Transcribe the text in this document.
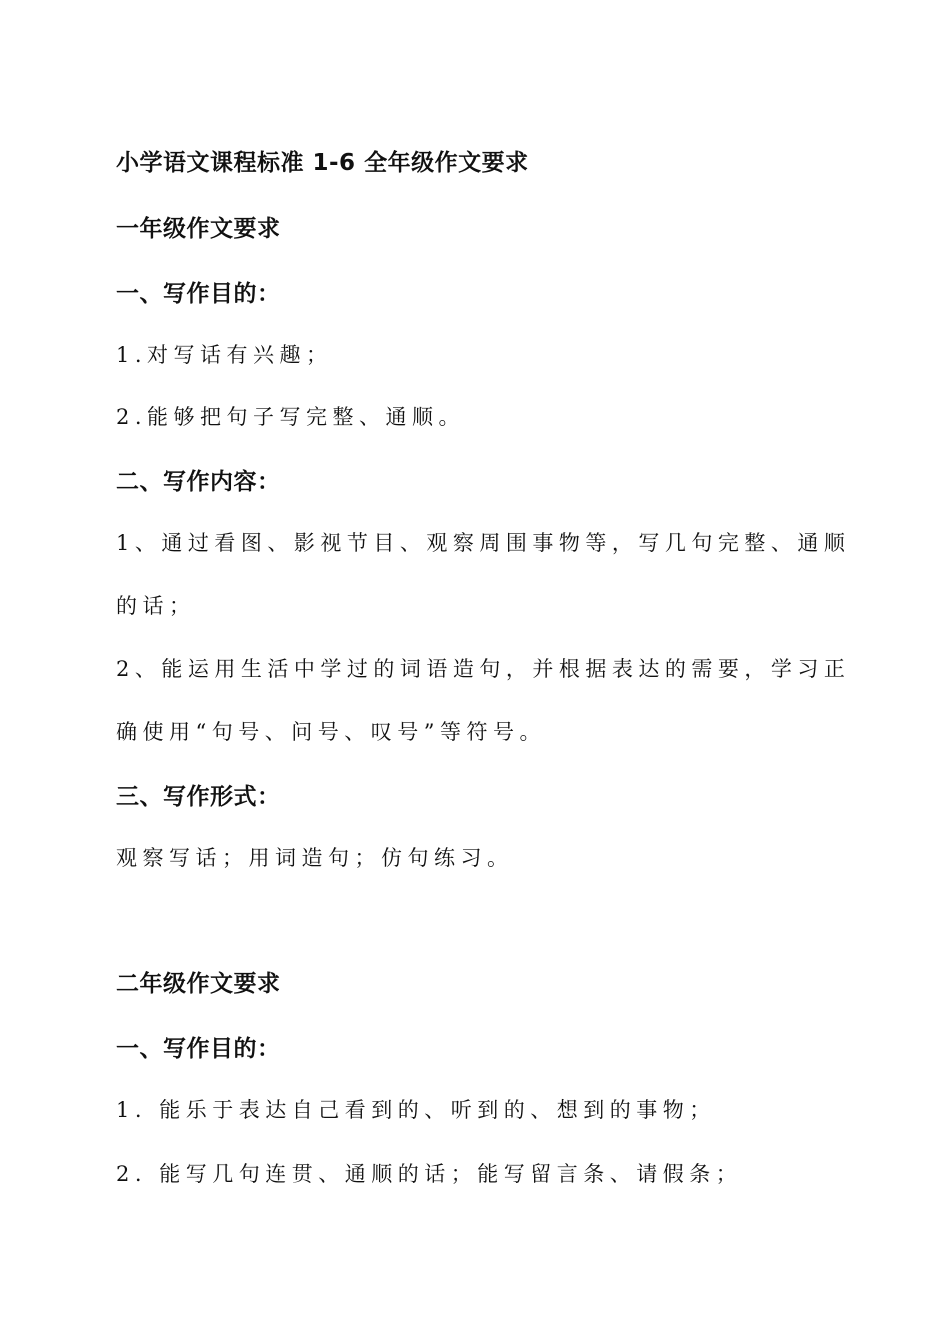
小学语文课程标准 1-6 全年级作文要求
一年级作文要求
一、写作目的：
1.对写话有兴趣；
2.能够把句子写完整、通顺。
二、写作内容：
1、通过看图、影视节目、观察周围事物等，写几句完整、通顺
的话；
2、能运用生活中学过的词语造句，并根据表达的需要，学习正
确使用“句号、问号、叹号”等符号。
三、写作形式：
观察写话；用词造句；仿句练习。
二年级作文要求
一、写作目的：
1. 能乐于表达自己看到的、听到的、想到的事物；
2. 能写几句连贯、通顺的话；能写留言条、请假条；
